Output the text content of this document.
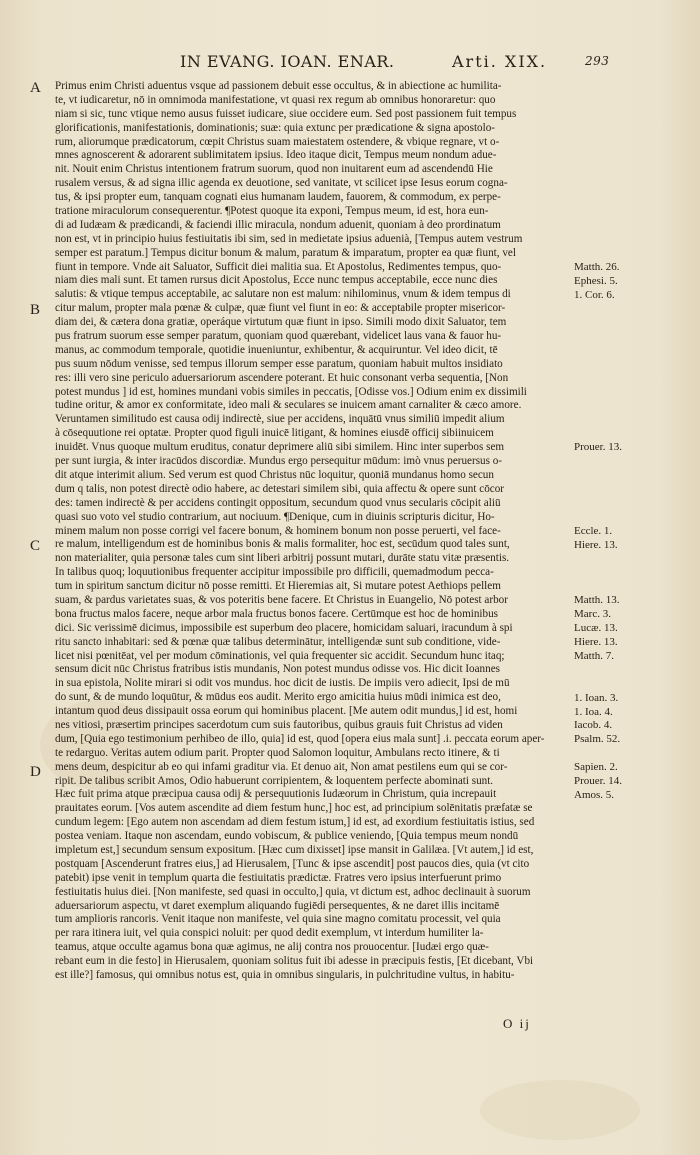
IN EVANG. IOAN. ENAR.	Arti. XIX.	293
A
B
C
D
Primus enim Christi aduentus vsque ad passionem debuit esse occultus, & in abiectione ac humilita-
te, vt iudicaretur, nō in omnimoda manifestatione, vt quasi rex regum ab omnibus honoraretur: quo
niam si sic, tunc vtique nemo ausus fuisset iudicare, siue occidere eum. Sed post passionem fuit tempus
glorificationis, manifestationis, dominationis; suæ: quia extunc per prædicatione & signa apostolo-
rum, aliorumque prædicatorum, cœpit Christus suam maiestatem ostendere, & vbique regnare, vt o-
mnes agnoscerent & adorarent sublimitatem ipsius. Ideo itaque dicit, Tempus meum nondum adue-
nit. Nouit enim Christus intentionem fratrum suorum, quod non inuitarent eum ad ascendendū Hie
rusalem versus, & ad signa illic agenda ex deuotione, sed vanitate, vt scilicet ipse Iesus eorum cogna-
tus, & ipsi propter eum, tanquam cognati eius humanam laudem, fauorem, & commodum, ex perpe-
tratione miraculorum consequerentur. ¶Potest quoque ita exponi, Tempus meum, id est, hora eun-
di ad Iudæam & prædicandi, & faciendi illic miracula, nondum aduenit, quoniam à deo prordinatum
non est, vt in principio huius festiuitatis ibi sim, sed in medietate ipsius aduenià, [Tempus autem vestrum
semper est paratum.] Tempus dicitur bonum & malum, paratum & imparatum, propter ea quæ fiunt, vel
fiunt in tempore. Vnde ait Saluator, Sufficit diei malitia sua. Et Apostolus, Redimentes tempus, quo-
niam dies mali sunt. Et tamen rursus dicit Apostolus, Ecce nunc tempus acceptabile, ecce nunc dies
salutis: & vtique tempus acceptabile, ac salutare non est malum: nihilominus, vnum & idem tempus di
citur malum, propter mala pœnæ & culpæ, quæ fiunt vel fiunt in eo: & acceptabile propter misericor-
diam dei, & cætera dona gratiæ, operáque virtutum quæ fiunt in ipso. Simili modo dixit Saluator, tem
pus fratrum suorum esse semper paratum, quoniam quod quærebant, videlicet laus vana & fauor hu-
manus, ac commodum temporale, quotidie inueniuntur, exhibentur, & acquiruntur. Vel ideo dicit, tē
pus suum nōdum venisse, sed tempus illorum semper esse paratum, quoniam habuit multos insidiato
res: illi vero sine periculo aduersariorum ascendere poterant. Et huic consonant verba sequentia, [Non
potest mundus ] id est, homines mundani vobis similes in peccatis, [Odisse vos.] Odium enim ex dissimili
tudine oritur, & amor ex conformitate, ideo mali & seculares se inuicem amant carnaliter & cæco amore.
Veruntamen similitudo est causa odij indirectè, siue per accidens, inquātū vnus similiū impedit alium
à cōsequutione rei optatæ. Propter quod figuli inuicē litigant, & homines eiusdē officij sibiinuicem
inuidēt. Vnus quoque multum eruditus, conatur deprimere aliū sibi similem. Hinc inter superbos sem
per sunt iurgia, & inter iracūdos discordiæ. Mundus ergo persequitur mūdum: imò vnus peruersus o-
dit atque interimit alium. Sed verum est quod Christus nūc loquitur, quoniā mundanus homo secun
dum q talis, non potest directè odio habere, ac detestari similem sibi, quia affectu & opere sunt cōcor
des: tamen indirectè & per accidens contingit oppositum, secundum quod vnus secularis cōcipit aliū
quasi suo voto vel studio contrarium, aut nociuum. ¶Denique, cum in diuinis scripturis dicitur, Ho-
minem malum non posse corrigi vel facere bonum, & hominem bonum non posse peruerti, vel face-
re malum, intelligendum est de hominibus bonis & malis formaliter, hoc est, secūdum quod tales sunt,
non materialiter, quia personæ tales cum sint liberi arbitrij possunt mutari, durāte statu vitæ præsentis.
In talibus quoq; loquutionibus frequenter accipitur impossibile pro difficili, quemadmodum pecca-
tum in spiritum sanctum dicitur nō posse remitti. Et Hieremias ait, Si mutare potest Aethiops pellem
suam, & pardus varietates suas, & vos poteritis bene facere. Et Christus in Euangelio, Nō potest arbor
bona fructus malos facere, neque arbor mala fructus bonos facere. Certūmque est hoc de hominibus
dici. Sic verissimē dicimus, impossibile est superbum deo placere, homicidam saluari, iracundum à spi
ritu sancto inhabitari: sed & pœnæ quæ talibus determinātur, intelligendæ sunt sub conditione, vide-
licet nisi pœnitēat, vel per modum cōminationis, vel quia frequenter sic accidit. Secundum hunc itaq;
sensum dicit nūc Christus fratribus istis mundanis, Non potest mundus odisse vos. Hic dicit Ioannes
in sua epistola, Nolite mirari si odit vos mundus. hoc dicit de iustis. De impiis vero adiecit, Ipsi de mū
do sunt, & de mundo loquūtur, & mūdus eos audit. Merito ergo amicitia huius mūdi inimica est deo,
intantum quod deus dissipauit ossa eorum qui hominibus placent. [Me autem odit mundus,] id est, homi
nes vitiosi, præsertim principes sacerdotum cum suis fautoribus, quibus grauis fuit Christus ad viden
dum, [Quia ego testimonium perhibeo de illo, quia] id est, quod [opera eius mala sunt] .i. peccata eorum aper-
te redarguo. Veritas autem odium parit. Propter quod Salomon loquitur, Ambulans recto itinere, & ti
mens deum, despicitur ab eo qui infami graditur via. Et denuo ait, Non amat pestilens eum qui se cor-
ripit. De talibus scribit Amos, Odio habuerunt corripientem, & loquentem perfecte abominati sunt.
Hæc fuit prima atque præcipua causa odij & persequutionis Iudæorum in Christum, quia increpauit
prauitates eorum. [Vos autem ascendite ad diem festum hunc,] hoc est, ad principium solēnitatis præfatæ se
cundum legem: [Ego autem non ascendam ad diem festum istum,] id est, ad exordium festiuitatis istius, sed
postea veniam. Itaque non ascendam, eundo vobiscum, & publice veniendo, [Quia tempus meum nondū
impletum est,] secundum sensum expositum. [Hæc cum dixisset] ipse mansit in Galilæa. [Vt autem,] id est,
postquam [Ascenderunt fratres eius,] ad Hierusalem, [Tunc & ipse ascendit] post paucos dies, quia (vt cito
patebit) ipse venit in templum quarta die festiuitatis prædictæ. Fratres vero ipsius interfuerunt primo
festiuitatis huius diei. [Non manifeste, sed quasi in occulto,] quia, vt dictum est, adhoc declinauit à suorum
aduersariorum aspectu, vt daret exemplum aliquando fugiēdi persequentes, & ne daret illis incitamē
tum amplioris rancoris. Venit itaque non manifeste, vel quia sine magno comitatu processit, vel quia
per rara itinera iuit, vel quia conspici noluit: per quod dedit exemplum, vt interdum humiliter la-
teamus, atque occulte agamus bona quæ agimus, ne alij contra nos prouocentur. [Iudæi ergo quæ-
rebant eum in die festo] in Hierusalem, quoniam solitus fuit ibi adesse in præcipuis festis, [Et dicebant, Vbi
est ille?] famosus, qui omnibus notus est, quia in omnibus singularis, in pulchritudine vultus, in habitu-
Matth. 26.
Ephesi. 5.
1. Cor. 6.
Prouer. 13.
Eccle. 1.
Hiere. 13.
Matth. 13.
Marc. 3.
Lucæ. 13.
Hiere. 13.
Matth. 7.
1. Ioan. 3.
1. Ioa. 4.
Iacob. 4.
Psalm. 52.
Sapien. 2.
Prouer. 14.
Amos. 5.
O ij
